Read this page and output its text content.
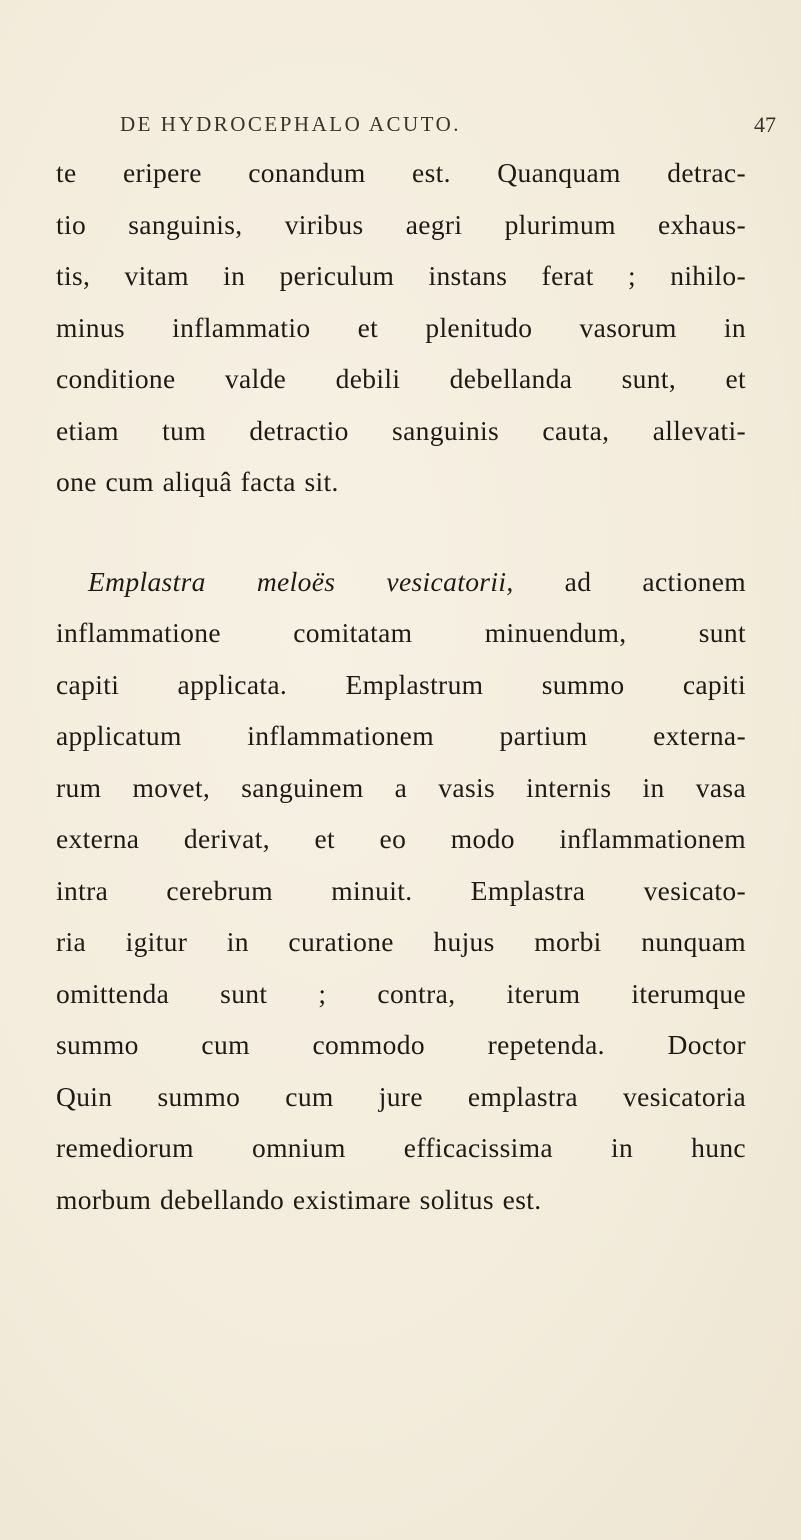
DE HYDROCEPHALO ACUTO.	47
te eripere conandum est. Quanquam detrac-
tio sanguinis, viribus aegri plurimum exhaus-
tis, vitam in periculum instans ferat ; nihilo-
minus inflammatio et plenitudo vasorum in
conditione valde debili debellanda sunt, et
etiam tum detractio sanguinis cauta, allevati-
one cum aliquâ facta sit.
Emplastra meloës vesicatorii, ad actionem
inflammatione comitatam minuendum, sunt
capiti applicata. Emplastrum summo capiti
applicatum inflammationem partium externa-
rum movet, sanguinem a vasis internis in vasa
externa derivat, et eo modo inflammationem
intra cerebrum minuit. Emplastra vesicato-
ria igitur in curatione hujus morbi nunquam
omittenda sunt ; contra, iterum iterumque
summo cum commodo repetenda. Doctor
Quin summo cum jure emplastra vesicatoria
remediorum omnium efficacissima in hunc
morbum debellando existimare solitus est.
